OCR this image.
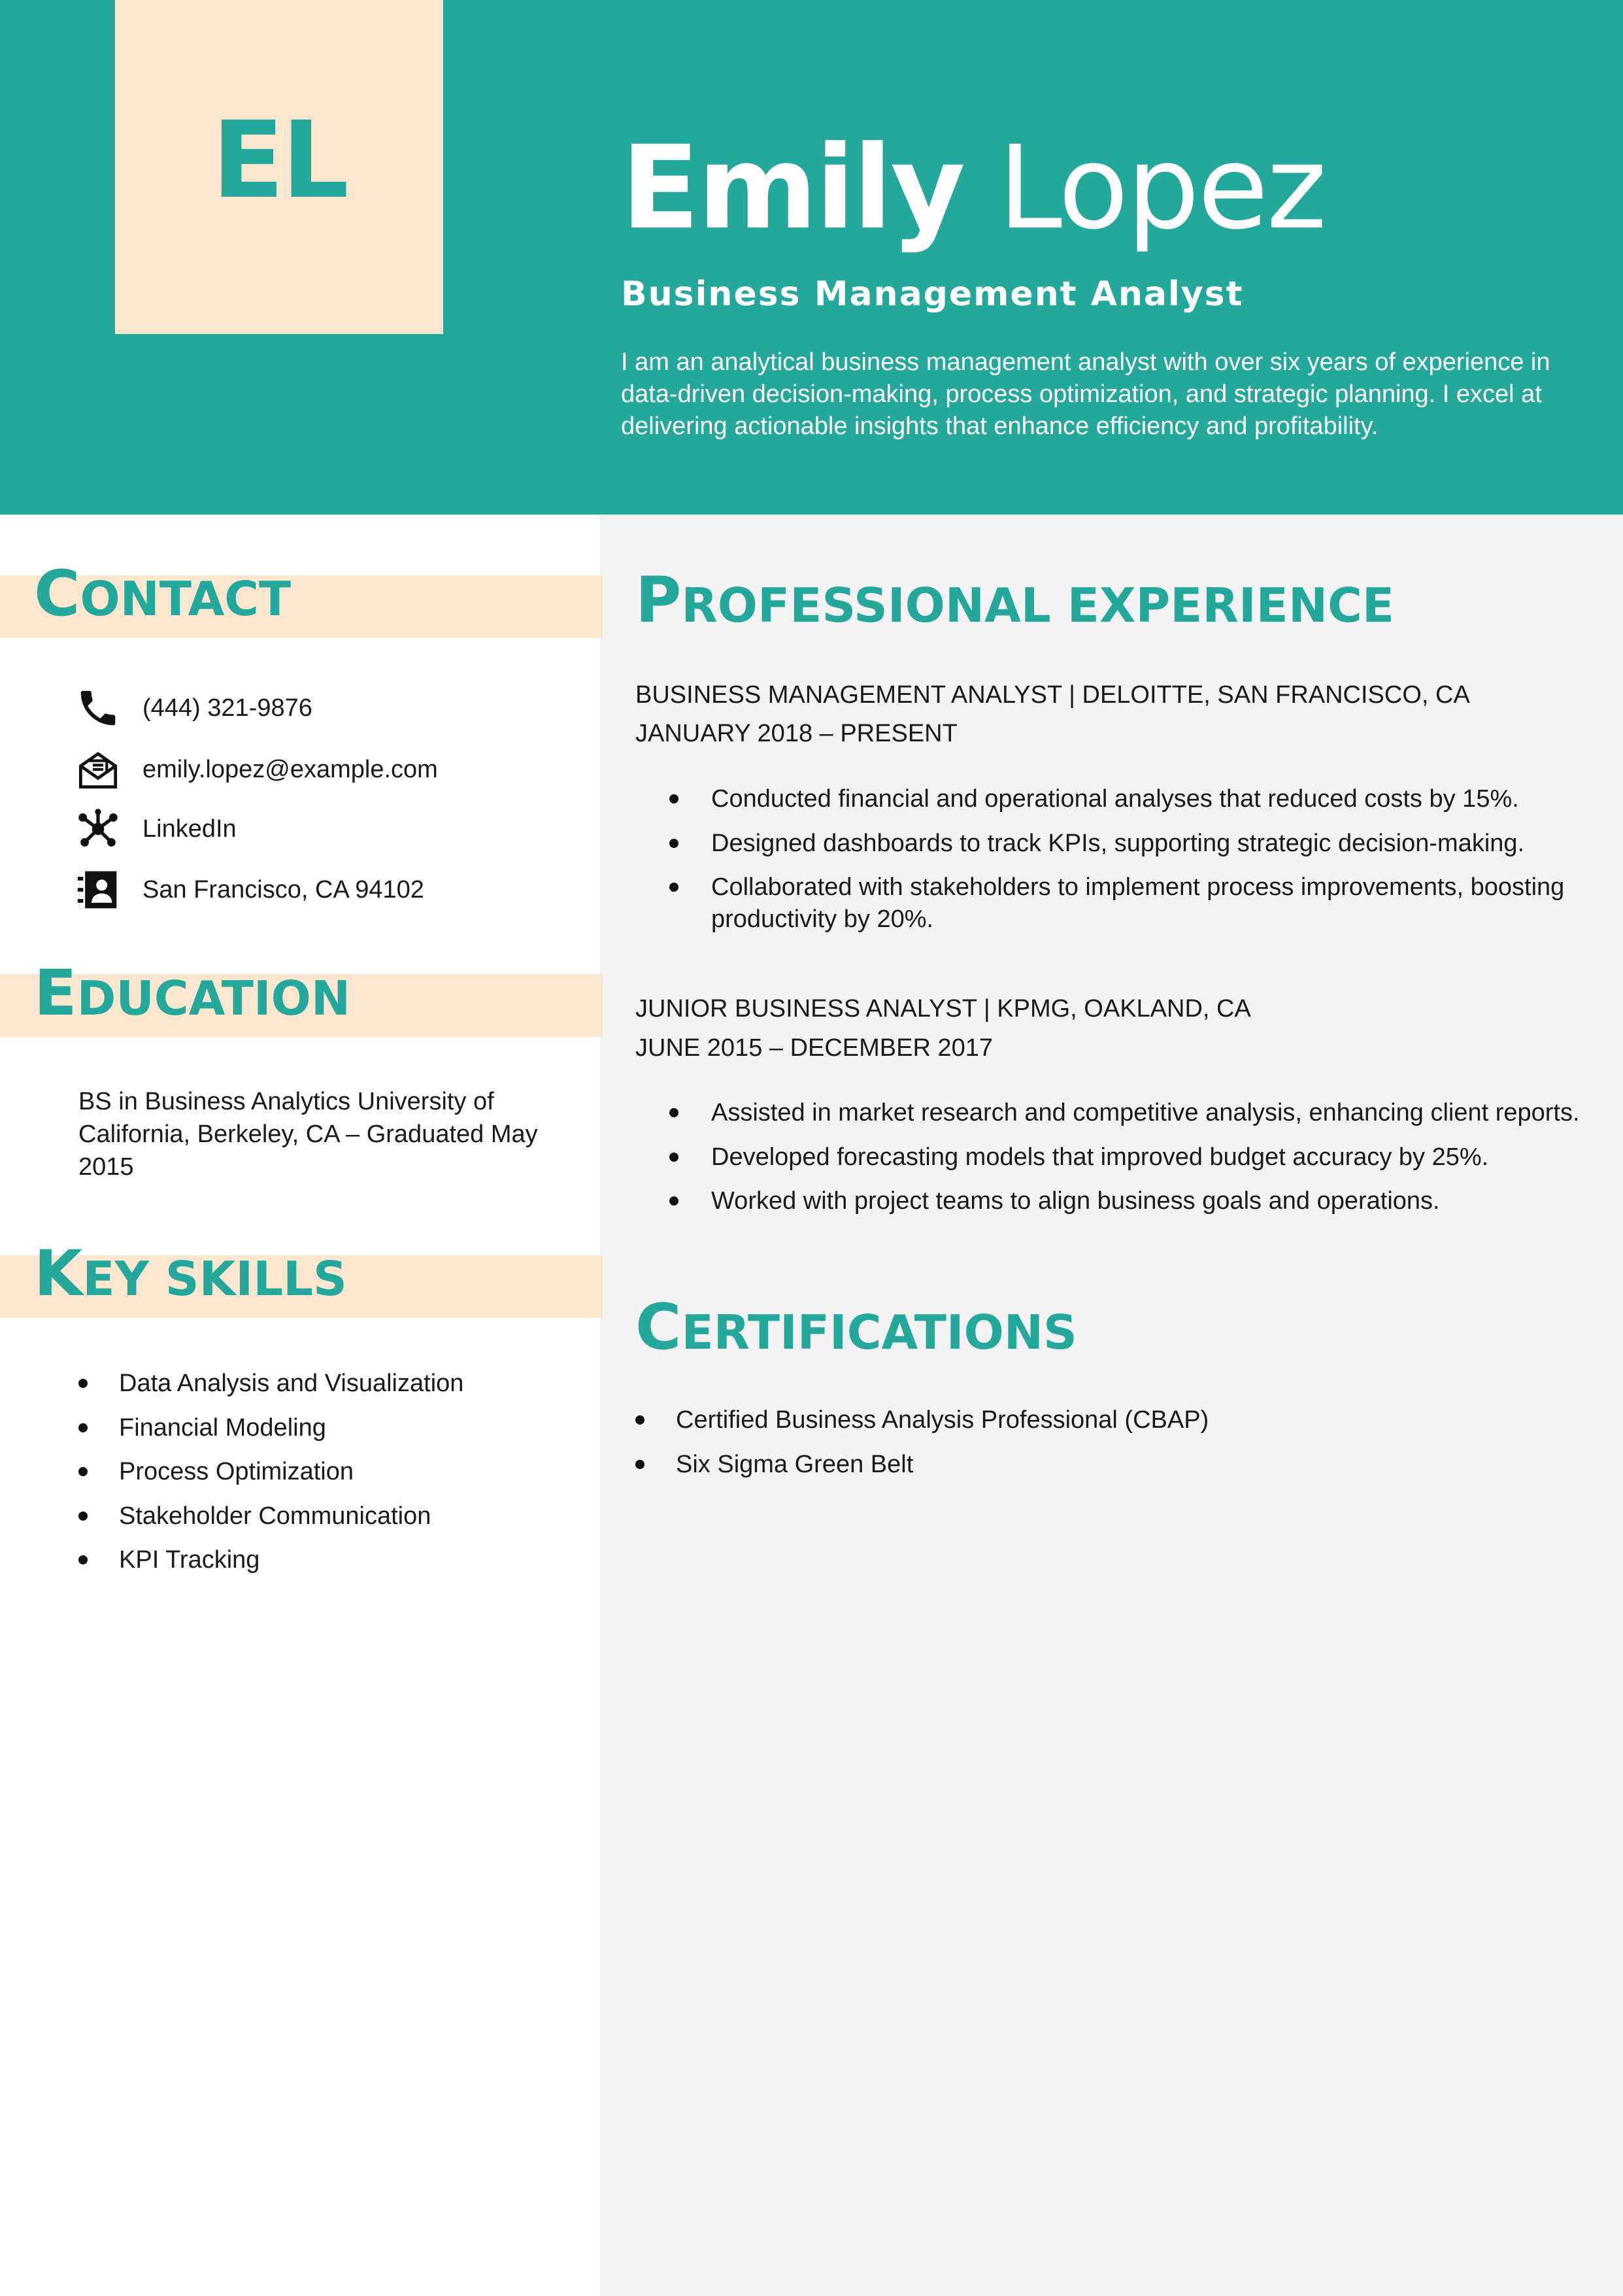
EL Emily Lopez
Business Management Analyst
I am an analytical business management analyst with over six years of experience in data-driven decision-making, process optimization, and strategic planning. I excel at delivering actionable insights that enhance efficiency and profitability.
CONTACT
(444) 321-9876
emily.lopez@example.com
LinkedIn
San Francisco, CA 94102
EDUCATION
BS in Business Analytics University of California, Berkeley, CA – Graduated May 2015
KEY SKILLS
Data Analysis and Visualization
Financial Modeling
Process Optimization
Stakeholder Communication
KPI Tracking
PROFESSIONAL EXPERIENCE
BUSINESS MANAGEMENT ANALYST | DELOITTE, SAN FRANCISCO, CA
JANUARY 2018 – PRESENT
Conducted financial and operational analyses that reduced costs by 15%.
Designed dashboards to track KPIs, supporting strategic decision-making.
Collaborated with stakeholders to implement process improvements, boosting productivity by 20%.
JUNIOR BUSINESS ANALYST | KPMG, OAKLAND, CA
JUNE 2015 – DECEMBER 2017
Assisted in market research and competitive analysis, enhancing client reports.
Developed forecasting models that improved budget accuracy by 25%.
Worked with project teams to align business goals and operations.
CERTIFICATIONS
Certified Business Analysis Professional (CBAP)
Six Sigma Green Belt
